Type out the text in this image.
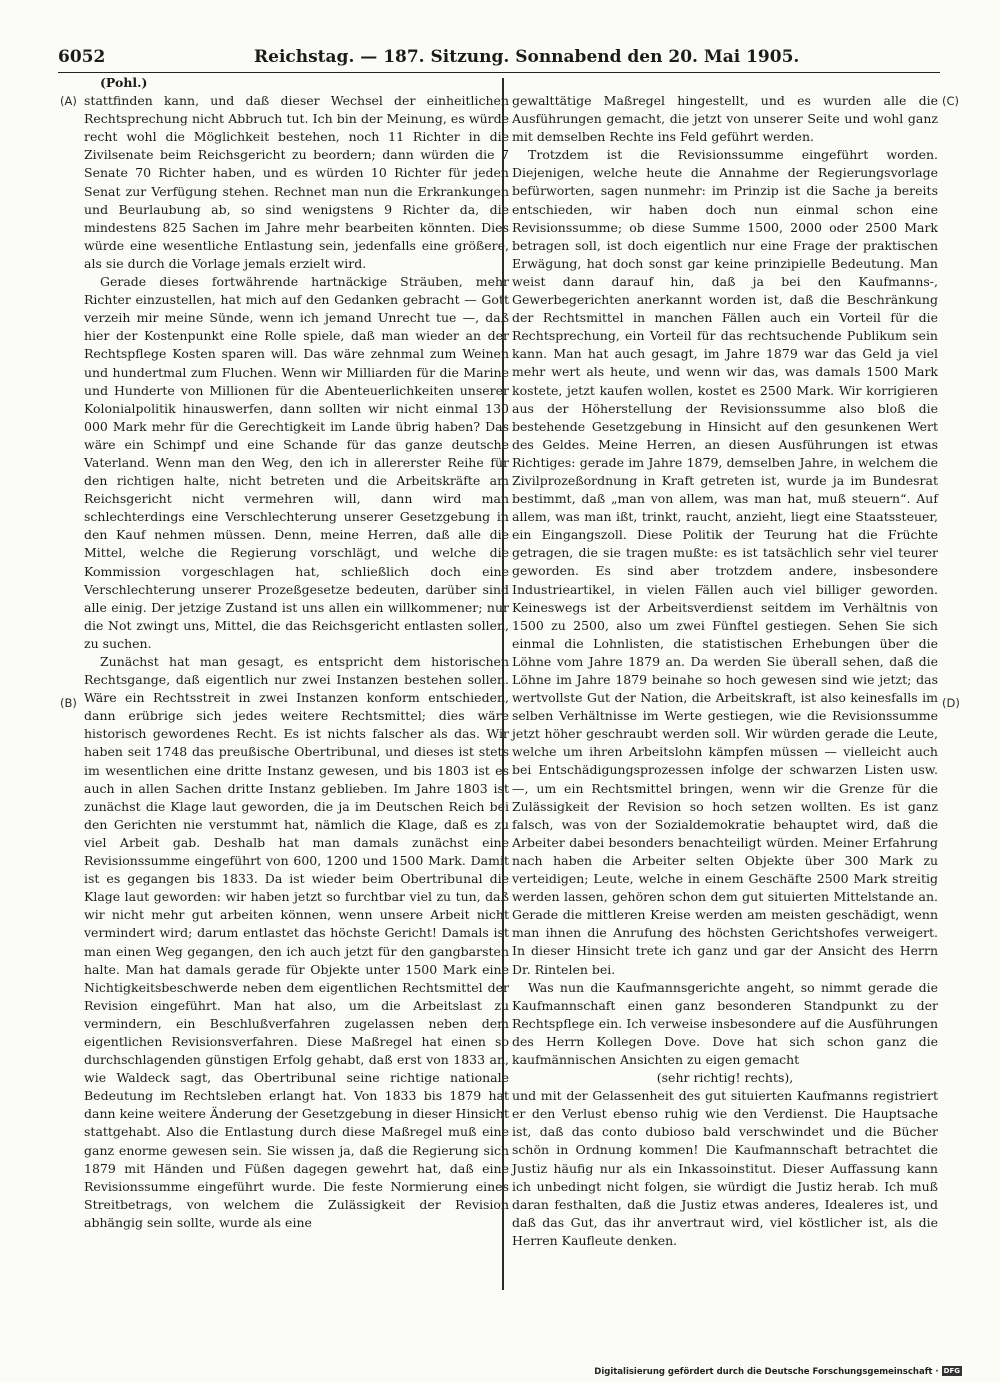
6052	Reichstag. — 187. Sitzung. Sonnabend den 20. Mai 1905.
(A)
(B)
(C)
(D)

(Pohl.)

stattfinden kann, und daß dieser Wechsel der einheitlichen Rechtsprechung nicht Abbruch tut. Ich bin der Meinung, es würde recht wohl die Möglichkeit bestehen, noch 11 Richter in die Zivilsenate beim Reichsgericht zu beordern; dann würden die 7 Senate 70 Richter haben, und es würden 10 Richter für jeden Senat zur Verfügung stehen. Rechnet man nun die Erkrankungen und Beurlaubung ab, so sind wenigstens 9 Richter da, die mindestens 825 Sachen im Jahre mehr bearbeiten könnten. Dies würde eine wesentliche Entlastung sein, jedenfalls eine größere, als sie durch die Vorlage jemals erzielt wird.

Gerade dieses fortwährende hartnäckige Sträuben, mehr Richter einzustellen, hat mich auf den Gedanken gebracht — Gott verzeih mir meine Sünde, wenn ich jemand Unrecht tue —, daß hier der Kostenpunkt eine Rolle spiele, daß man wieder an der Rechtspflege Kosten sparen will. Das wäre zehnmal zum Weinen und hundertmal zum Fluchen. Wenn wir Milliarden für die Marine und Hunderte von Millionen für die Abenteuerlichkeiten unserer Kolonialpolitik hinauswerfen, dann sollten wir nicht einmal 130 000 Mark mehr für die Gerechtigkeit im Lande übrig haben? Das wäre ein Schimpf und eine Schande für das ganze deutsche Vaterland. Wenn man den Weg, den ich in allererster Reihe für den richtigen halte, nicht betreten und die Arbeitskräfte am Reichsgericht nicht vermehren will, dann wird man schlechterdings eine Verschlechterung unserer Gesetzgebung in den Kauf nehmen müssen. Denn, meine Herren, daß alle die Mittel, welche die Regierung vorschlägt, und welche die Kommission vorgeschlagen hat, schließlich doch eine Verschlechterung unserer Prozeßgesetze bedeuten, darüber sind alle einig. Der jetzige Zustand ist uns allen ein willkommener; nur die Not zwingt uns, Mittel, die das Reichsgericht entlasten sollen, zu suchen.

Zunächst hat man gesagt, es entspricht dem historischen Rechtsgange, daß eigentlich nur zwei Instanzen bestehen sollen. Wäre ein Rechtsstreit in zwei Instanzen konform entschieden, dann erübrige sich jedes weitere Rechtsmittel; dies wäre historisch gewordenes Recht. Es ist nichts falscher als das. Wir haben seit 1748 das preußische Obertribunal, und dieses ist stets im wesentlichen eine dritte Instanz gewesen, und bis 1803 ist es auch in allen Sachen dritte Instanz geblieben. Im Jahre 1803 ist zunächst die Klage laut geworden, die ja im Deutschen Reich bei den Gerichten nie verstummt hat, nämlich die Klage, daß es zu viel Arbeit gab. Deshalb hat man damals zunächst eine Revisionssumme eingeführt von 600, 1200 und 1500 Mark. Damit ist es gegangen bis 1833. Da ist wieder beim Obertribunal die Klage laut geworden: wir haben jetzt so furchtbar viel zu tun, daß wir nicht mehr gut arbeiten können, wenn unsere Arbeit nicht vermindert wird; darum entlastet das höchste Gericht! Damals ist man einen Weg gegangen, den ich auch jetzt für den gangbarsten halte. Man hat damals gerade für Objekte unter 1500 Mark eine Nichtigkeitsbeschwerde neben dem eigentlichen Rechtsmittel der Revision eingeführt. Man hat also, um die Arbeitslast zu vermindern, ein Beschlußverfahren zugelassen neben dem eigentlichen Revisionsverfahren. Diese Maßregel hat einen so durchschlagenden günstigen Erfolg gehabt, daß erst von 1833 an, wie Waldeck sagt, das Obertribunal seine richtige nationale Bedeutung im Rechtsleben erlangt hat. Von 1833 bis 1879 hat dann keine weitere Änderung der Gesetzgebung in dieser Hinsicht stattgehabt. Also die Entlastung durch diese Maßregel muß eine ganz enorme gewesen sein. Sie wissen ja, daß die Regierung sich 1879 mit Händen und Füßen dagegen gewehrt hat, daß eine Revisionssumme eingeführt wurde. Die feste Normierung eines Streitbetrags, von welchem die Zulässigkeit der Revision abhängig sein sollte, wurde als eine

gewalttätige Maßregel hingestellt, und es wurden alle die Ausführungen gemacht, die jetzt von unserer Seite und wohl ganz mit demselben Rechte ins Feld geführt werden.

Trotzdem ist die Revisionssumme eingeführt worden. Diejenigen, welche heute die Annahme der Regierungsvorlage befürworten, sagen nunmehr: im Prinzip ist die Sache ja bereits entschieden, wir haben doch nun einmal schon eine Revisionssumme; ob diese Summe 1500, 2000 oder 2500 Mark betragen soll, ist doch eigentlich nur eine Frage der praktischen Erwägung, hat doch sonst gar keine prinzipielle Bedeutung. Man weist dann darauf hin, daß ja bei den Kaufmanns-, Gewerbegerichten anerkannt worden ist, daß die Beschränkung der Rechtsmittel in manchen Fällen auch ein Vorteil für die Rechtsprechung, ein Vorteil für das rechtsuchende Publikum sein kann. Man hat auch gesagt, im Jahre 1879 war das Geld ja viel mehr wert als heute, und wenn wir das, was damals 1500 Mark kostete, jetzt kaufen wollen, kostet es 2500 Mark. Wir korrigieren aus der Höherstellung der Revisionssumme also bloß die bestehende Gesetzgebung in Hinsicht auf den gesunkenen Wert des Geldes. Meine Herren, an diesen Ausführungen ist etwas Richtiges: gerade im Jahre 1879, demselben Jahre, in welchem die Zivilprozeßordnung in Kraft getreten ist, wurde ja im Bundesrat bestimmt, daß „man von allem, was man hat, muß steuern“. Auf allem, was man ißt, trinkt, raucht, anzieht, liegt eine Staatssteuer, ein Eingangszoll. Diese Politik der Teurung hat die Früchte getragen, die sie tragen mußte: es ist tatsächlich sehr viel teurer geworden. Es sind aber trotzdem andere, insbesondere Industrieartikel, in vielen Fällen auch viel billiger geworden. Keineswegs ist der Arbeitsverdienst seitdem im Verhältnis von 1500 zu 2500, also um zwei Fünftel gestiegen. Sehen Sie sich einmal die Lohnlisten, die statistischen Erhebungen über die Löhne vom Jahre 1879 an. Da werden Sie überall sehen, daß die Löhne im Jahre 1879 beinahe so hoch gewesen sind wie jetzt; das wertvollste Gut der Nation, die Arbeitskraft, ist also keinesfalls im selben Verhältnisse im Werte gestiegen, wie die Revisionssumme jetzt höher geschraubt werden soll. Wir würden gerade die Leute, welche um ihren Arbeitslohn kämpfen müssen — vielleicht auch bei Entschädigungsprozessen infolge der schwarzen Listen usw. —, um ein Rechtsmittel bringen, wenn wir die Grenze für die Zulässigkeit der Revision so hoch setzen wollten. Es ist ganz falsch, was von der Sozialdemokratie behauptet wird, daß die Arbeiter dabei besonders benachteiligt würden. Meiner Erfahrung nach haben die Arbeiter selten Objekte über 300 Mark zu verteidigen; Leute, welche in einem Geschäfte 2500 Mark streitig werden lassen, gehören schon dem gut situierten Mittelstande an. Gerade die mittleren Kreise werden am meisten geschädigt, wenn man ihnen die Anrufung des höchsten Gerichtshofes verweigert. In dieser Hinsicht trete ich ganz und gar der Ansicht des Herrn Dr. Rintelen bei.

Was nun die Kaufmannsgerichte angeht, so nimmt gerade die Kaufmannschaft einen ganz besonderen Standpunkt zu der Rechtspflege ein. Ich verweise insbesondere auf die Ausführungen des Herrn Kollegen Dove. Dove hat sich schon ganz die kaufmännischen Ansichten zu eigen gemacht

(sehr richtig! rechts),

und mit der Gelassenheit des gut situierten Kaufmanns registriert er den Verlust ebenso ruhig wie den Verdienst. Die Hauptsache ist, daß das conto dubioso bald verschwindet und die Bücher schön in Ordnung kommen! Die Kaufmannschaft betrachtet die Justiz häufig nur als ein Inkassoinstitut. Dieser Auffassung kann ich unbedingt nicht folgen, sie würdigt die Justiz herab. Ich muß daran festhalten, daß die Justiz etwas anderes, Idealeres ist, und daß das Gut, das ihr anvertraut wird, viel köstlicher ist, als die Herren Kaufleute denken.

Digitalisierung gefördert durch die Deutsche Forschungsgemeinschaft · DFG
